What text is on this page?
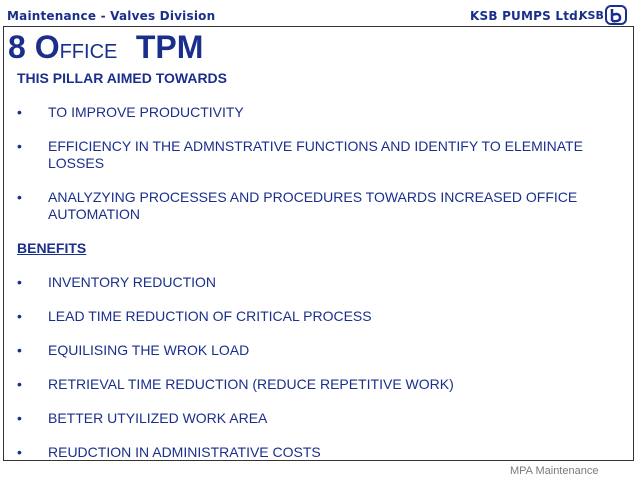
Maintenance - Valves Division	KSB PUMPS Ltd.
KSB
8 OFFICE TPM
THIS PILLAR AIMED TOWARDS
• TO IMPROVE PRODUCTIVITY
• EFFICIENCY IN THE ADMNSTRATIVE FUNCTIONS AND IDENTIFY TO ELEMINATE LOSSES
• ANALYZYING PROCESSES AND PROCEDURES TOWARDS INCREASED OFFICE AUTOMATION
BENEFITS
• INVENTORY REDUCTION
• LEAD TIME REDUCTION OF CRITICAL PROCESS
• EQUILISING THE WROK LOAD
• RETRIEVAL TIME REDUCTION (REDUCE REPETITIVE WORK)
• BETTER UTYILIZED WORK AREA
• REUDCTION IN ADMINISTRATIVE COSTS
MPA Maintenance
